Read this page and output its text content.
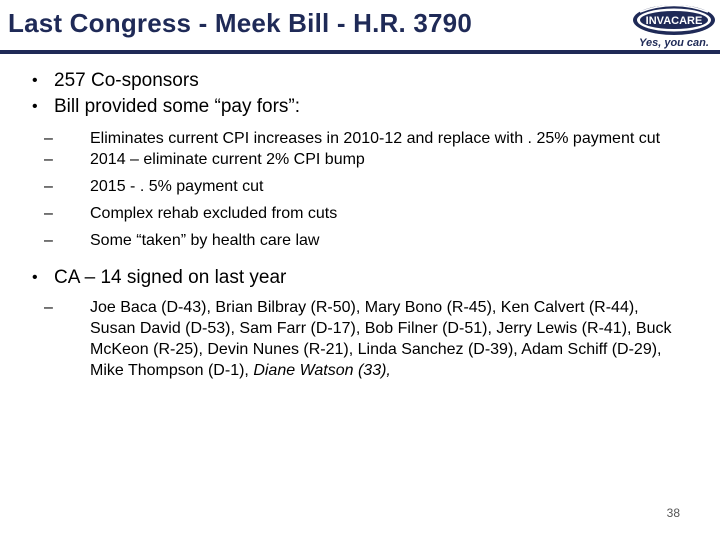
Last Congress - Meek Bill - H.R. 3790	INVACARE
Yes, you can.
• 257 Co-sponsors
• Bill provided some “pay fors”:
– Eliminates current CPI increases in 2010-12 and replace with . 25% payment cut
– 2014 – eliminate current 2% CPI bump
– 2015 - . 5% payment cut
– Complex rehab excluded from cuts
– Some “taken” by health care law
• CA – 14 signed on last year
– Joe Baca (D-43), Brian Bilbray (R-50), Mary Bono (R-45), Ken Calvert (R-44), Susan David (D-53), Sam Farr (D-17), Bob Filner (D-51), Jerry Lewis (R-41), Buck McKeon (R-25), Devin Nunes (R-21), Linda Sanchez (D-39), Adam Schiff (D-29), Mike Thompson (D-1), Diane Watson (33),
38
